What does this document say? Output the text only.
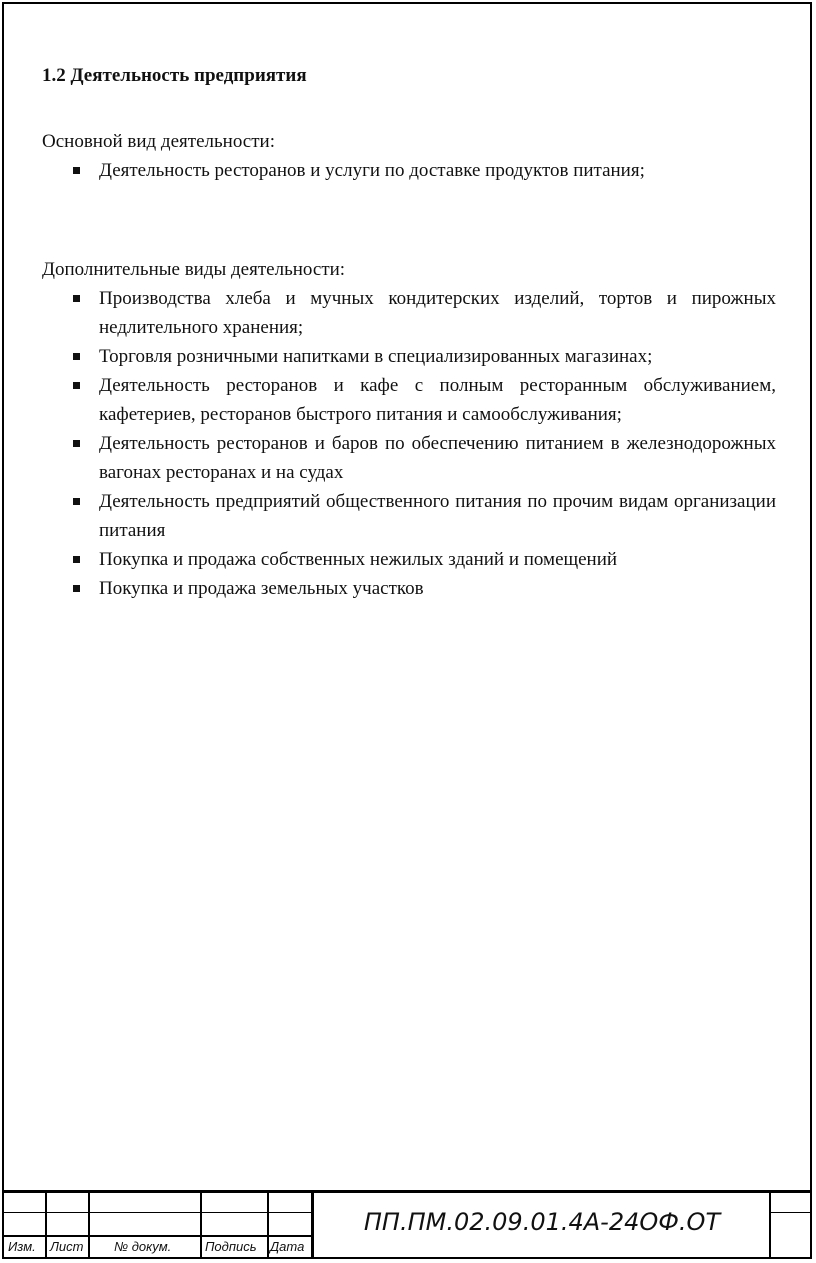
1.2 Деятельность предприятия

Основной вид деятельности:

Деятельность ресторанов и услуги по доставке продуктов питания;

Дополнительные виды деятельности:

Производства хлеба и мучных кондитерских изделий, тортов и пирожных недлительного хранения;
Торговля розничными напитками в специализированных магазинах;
Деятельность ресторанов и кафе с полным ресторанным обслуживанием, кафетериев, ресторанов быстрого питания и самообслуживания;
Деятельность ресторанов и баров по обеспечению питанием в железнодорожных вагонах ресторанах и на судах
Деятельность предприятий общественного питания по прочим видам организации питания
Покупка и продажа собственных нежилых зданий и помещений
Покупка и продажа земельных участков
Изм. Лист № докум.	Подпись Дата
ПП.ПМ.02.09.01.4А-24ОФ.ОТ
